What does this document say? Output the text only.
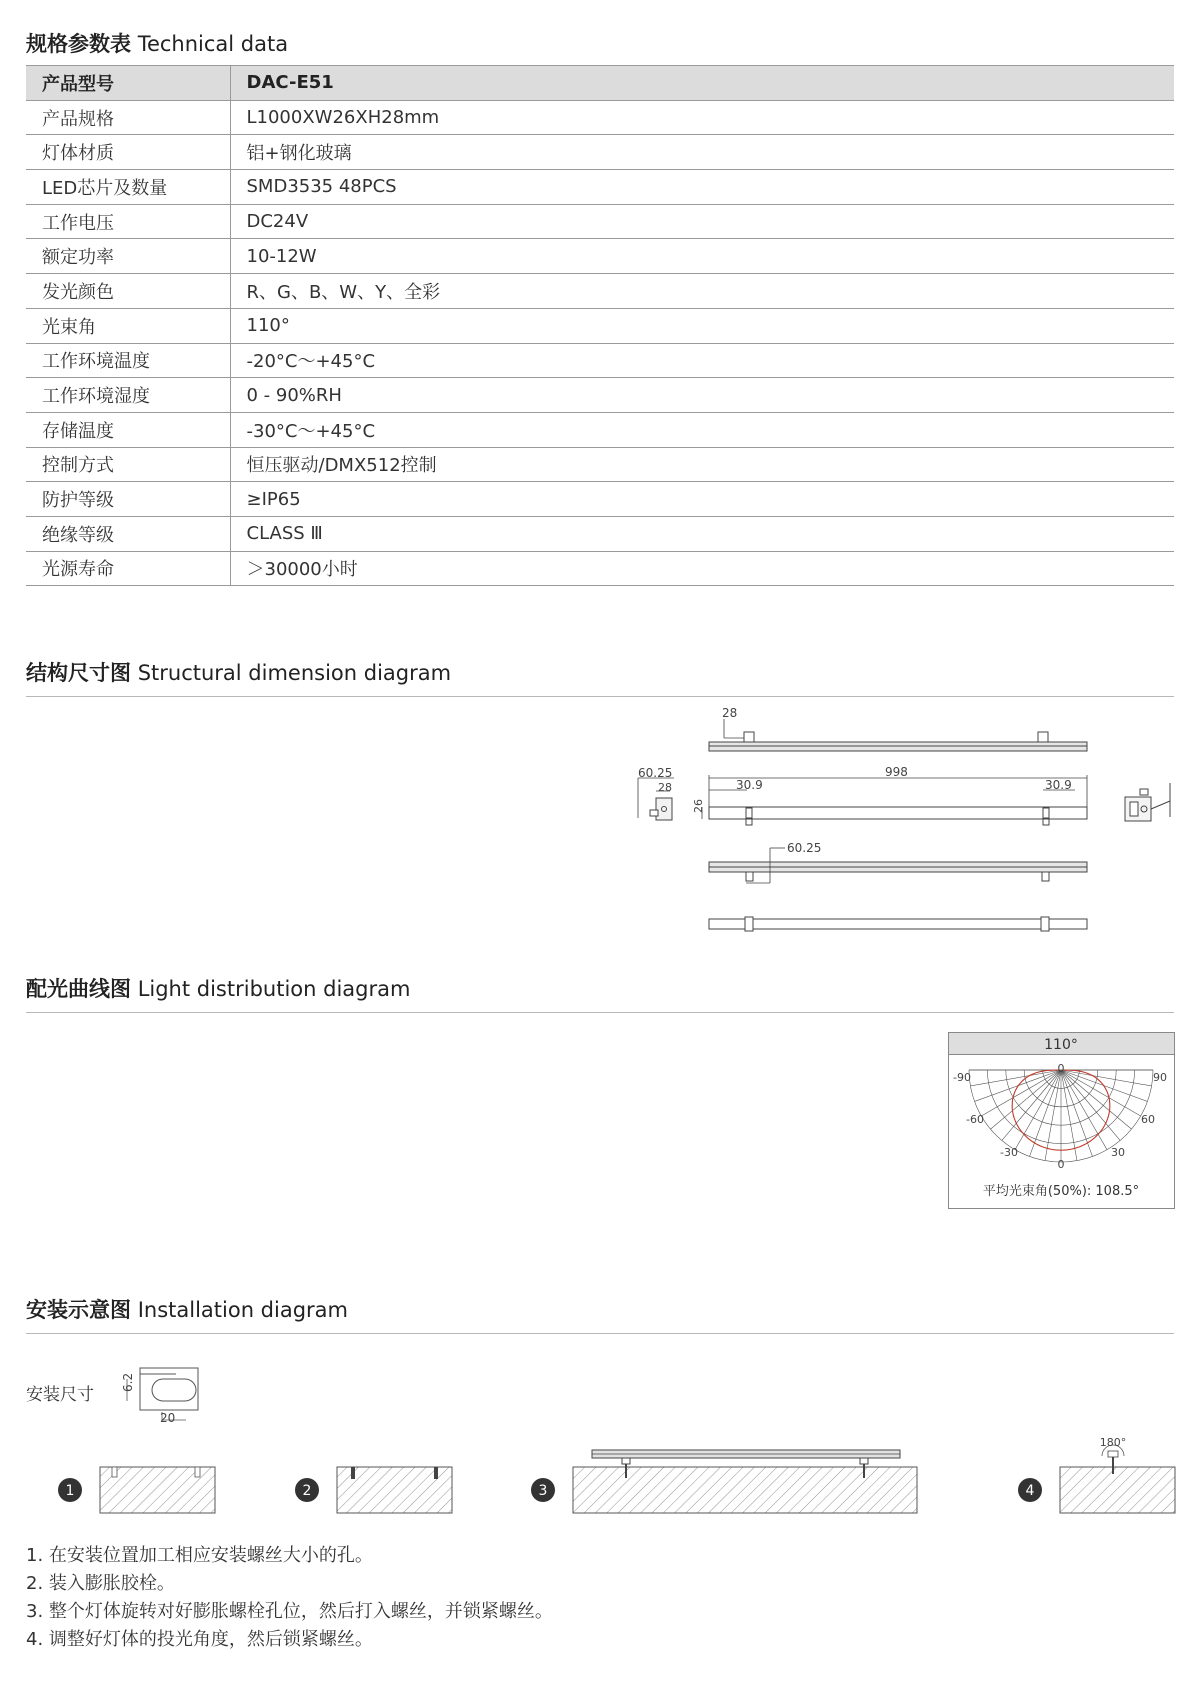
规格参数表 Technical data
产品型号	DAC-E51
产品规格	L1000XW26XH28mm
灯体材质	铝+钢化玻璃
LED芯片及数量	SMD3535 48PCS
工作电压	DC24V
额定功率	10-12W
发光颜色	R、G、B、W、Y、全彩
光束角	110°
工作环境温度	-20°C～+45°C
工作环境湿度	0 - 90%RH
存储温度	-30°C～+45°C
控制方式	恒压驱动/DMX512控制
防护等级	≥IP65
绝缘等级	CLASS Ⅲ
光源寿命	＞30000小时
结构尺寸图 Structural dimension diagram
28
60.25
28
26
998
30.9	30.9
60.25
配光曲线图 Light distribution diagram
110°
0
-90	90
-60	60
-30	30
0
平均光束角(50%): 108.5°
安装示意图 Installation diagram
安装尺寸
6.2
20
1	2	3	4
180°
1. 在安装位置加工相应安装螺丝大小的孔。
2. 装入膨胀胶栓。
3. 整个灯体旋转对好膨胀螺栓孔位，然后打入螺丝，并锁紧螺丝。
4. 调整好灯体的投光角度，然后锁紧螺丝。
